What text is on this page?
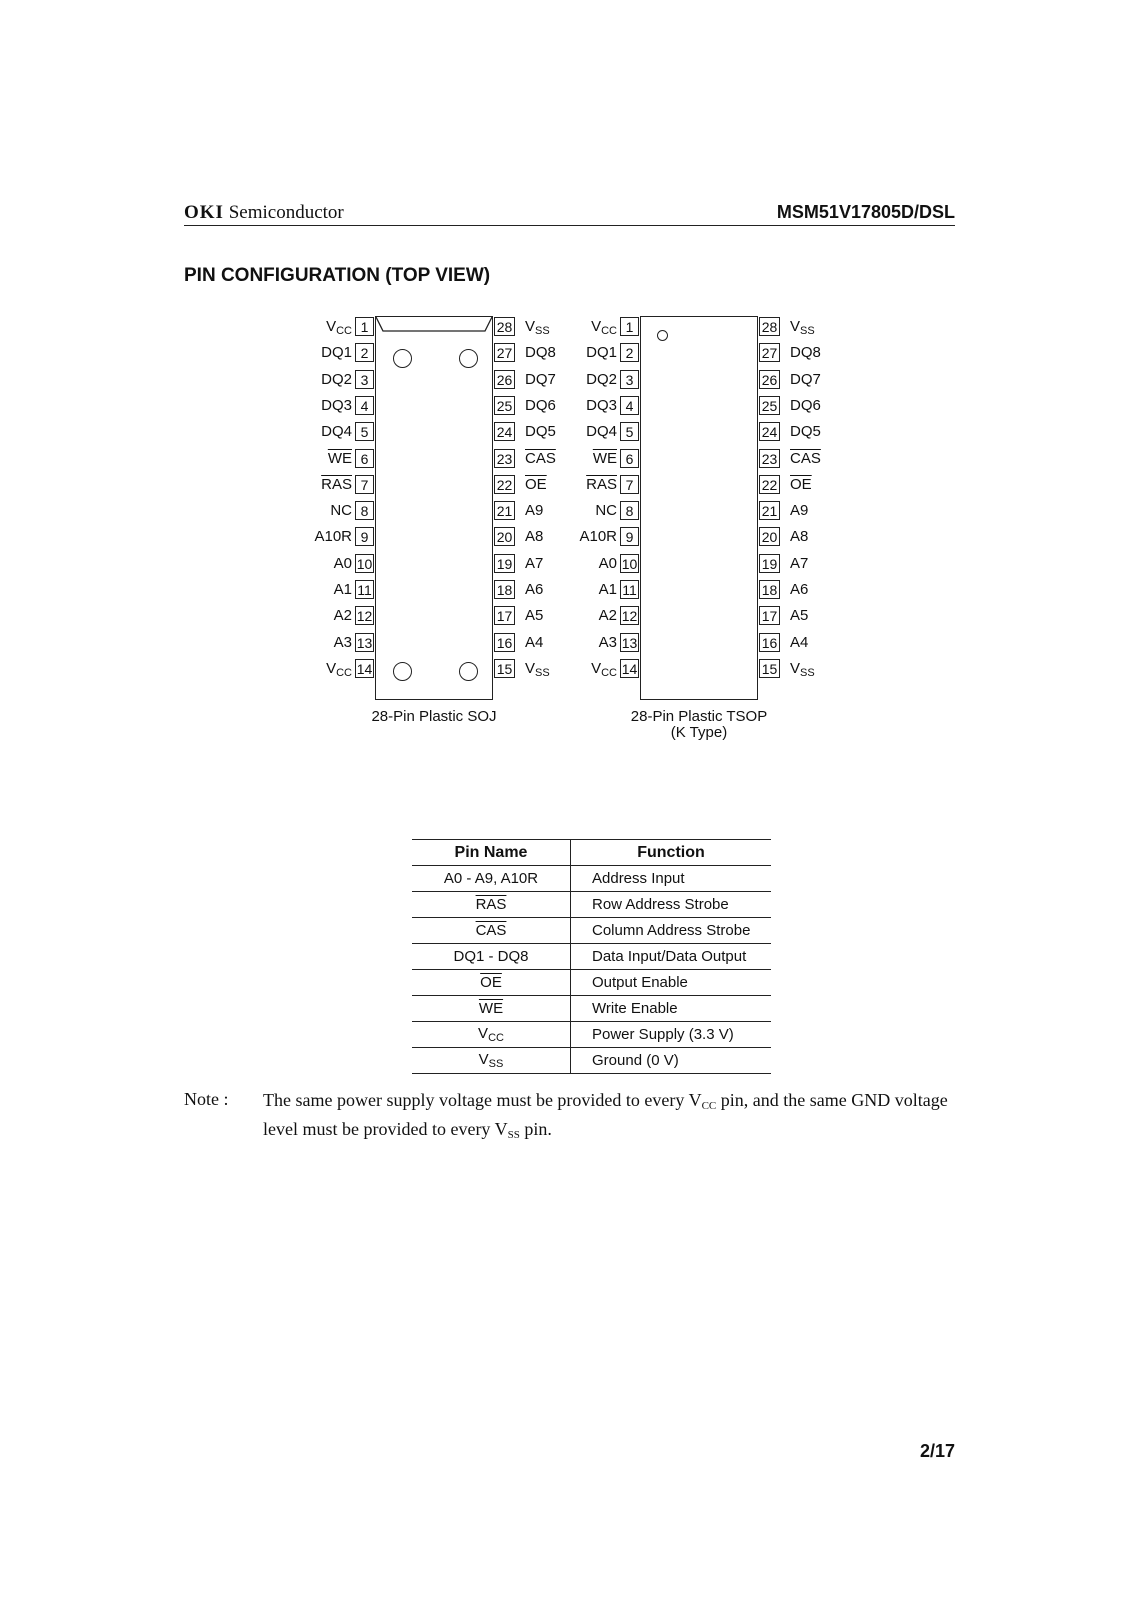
OKI Semiconductor	MSM51V17805D/DSL
PIN CONFIGURATION (TOP VIEW)
$V_{CC}$ 1	28 $V_{SS}$
DQ1 2	27 DQ8
DQ2 3	26 DQ7
DQ3 4	25 DQ6
DQ4 5	24 DQ5
$\overline{WE}$ 6	23 $\overline{CAS}$
$\overline{RAS}$ 7	22 $\overline{OE}$
NC 8	21 A9
A10R 9	20 A8
A0 10	19 A7
A1 11	18 A6
A2 12	17 A5
A3 13	16 A4
$V_{CC}$ 14	15 $V_{SS}$
28-Pin Plastic SOJ
$V_{CC}$ 1	28 $V_{SS}$
DQ1 2	27 DQ8
DQ2 3	26 DQ7
DQ3 4	25 DQ6
DQ4 5	24 DQ5
$\overline{WE}$ 6	23 $\overline{CAS}$
$\overline{RAS}$ 7	22 $\overline{OE}$
NC 8	21 A9
A10R 9	20 A8
A0 10	19 A7
A1 11	18 A6
A2 12	17 A5
A3 13	16 A4
$V_{CC}$ 14	15 $V_{SS}$
28-Pin Plastic TSOP
(K Type)
Pin Name	Function
A0 - A9, A10R	Address Input
$\overline{RAS}$	Row Address Strobe
$\overline{CAS}$	Column Address Strobe
DQ1 - DQ8	Data Input/Data Output
$\overline{OE}$	Output Enable
$\overline{WE}$	Write Enable
$V_{CC}$	Power Supply (3.3 V)
$V_{SS}$	Ground (0 V)
Note : The same power supply voltage must be provided to every $V_{CC}$ pin, and the same GND voltage level must be provided to every $V_{SS}$ pin.
2/17
